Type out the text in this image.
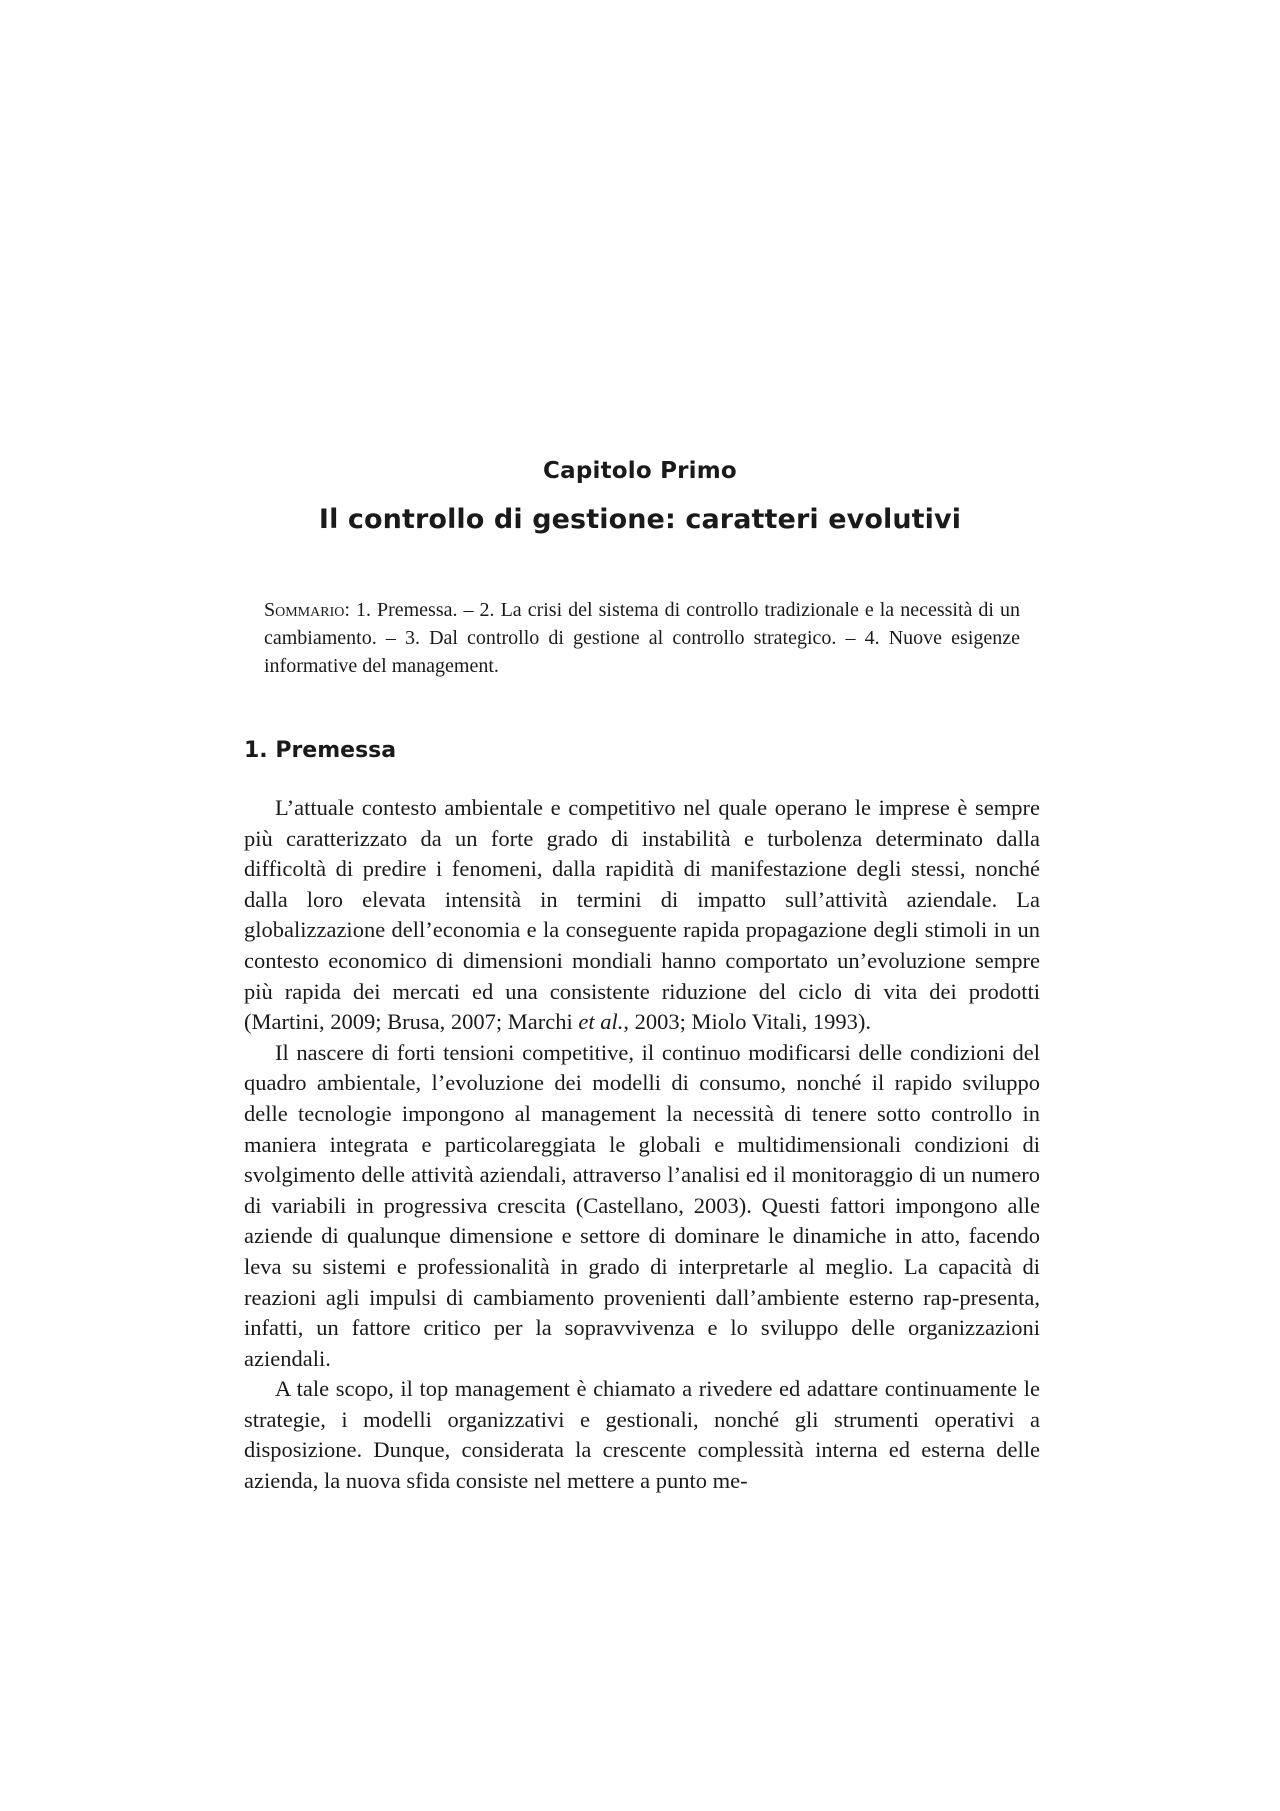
Capitolo Primo
Il controllo di gestione: caratteri evolutivi
Sommario: 1. Premessa. – 2. La crisi del sistema di controllo tradizionale e la necessità di un cambiamento. – 3. Dal controllo di gestione al controllo strategico. – 4. Nuove esigenze informative del management.
1. Premessa

L’attuale contesto ambientale e competitivo nel quale operano le imprese è sempre più caratterizzato da un forte grado di instabilità e turbolenza determinato dalla difficoltà di predire i fenomeni, dalla rapidità di manifestazione degli stessi, nonché dalla loro elevata intensità in termini di impatto sull’attività aziendale. La globalizzazione dell’economia e la conseguente rapida propagazione degli stimoli in un contesto economico di dimensioni mondiali hanno comportato un’evoluzione sempre più rapida dei mercati ed una consistente riduzione del ciclo di vita dei prodotti (Martini, 2009; Brusa, 2007; Marchi et al., 2003; Miolo Vitali, 1993).

Il nascere di forti tensioni competitive, il continuo modificarsi delle condizioni del quadro ambientale, l’evoluzione dei modelli di consumo, nonché il rapido sviluppo delle tecnologie impongono al management la necessità di tenere sotto controllo in maniera integrata e particolareggiata le globali e multidimensionali condizioni di svolgimento delle attività aziendali, attraverso l’analisi ed il monitoraggio di un numero di variabili in progressiva crescita (Castellano, 2003). Questi fattori impongono alle aziende di qualunque dimensione e settore di dominare le dinamiche in atto, facendo leva su sistemi e professionalità in grado di interpretarle al meglio. La capacità di reazioni agli impulsi di cambiamento provenienti dall’ambiente esterno rap-presenta, infatti, un fattore critico per la sopravvivenza e lo sviluppo delle organizzazioni aziendali.

A tale scopo, il top management è chiamato a rivedere ed adattare continuamente le strategie, i modelli organizzativi e gestionali, nonché gli strumenti operativi a disposizione. Dunque, considerata la crescente complessità interna ed esterna delle azienda, la nuova sfida consiste nel mettere a punto me-
